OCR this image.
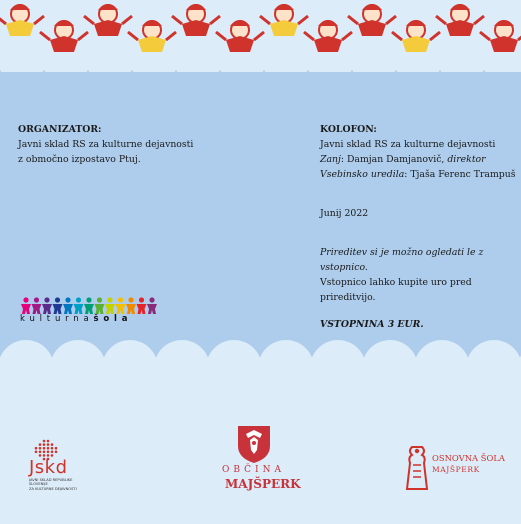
ORGANIZATOR:
Javni sklad RS za kulturne dejavnosti
z območno izpostavo Ptuj.
KOLOFON:
Javni sklad RS za kulturne dejavnosti
Zanj: Damjan Damjanovič, direktor
Vsebinsko uredila: Tjaša Ferenc Trampuš
Junij 2022
Prireditev si je možno ogledati le z vstopnico.
Vstopnico lahko kupite uro pred prireditvijo.
VSTOPNINA 3 EUR.
kulturnašola
Jskd
JAVNI SKLAD REPUBLIKE SLOVENIJE
ZA KULTURNE DEJAVNOSTI
OBČINA
MAJŠPERK
OSNOVNA ŠOLA
MAJŠPERK
